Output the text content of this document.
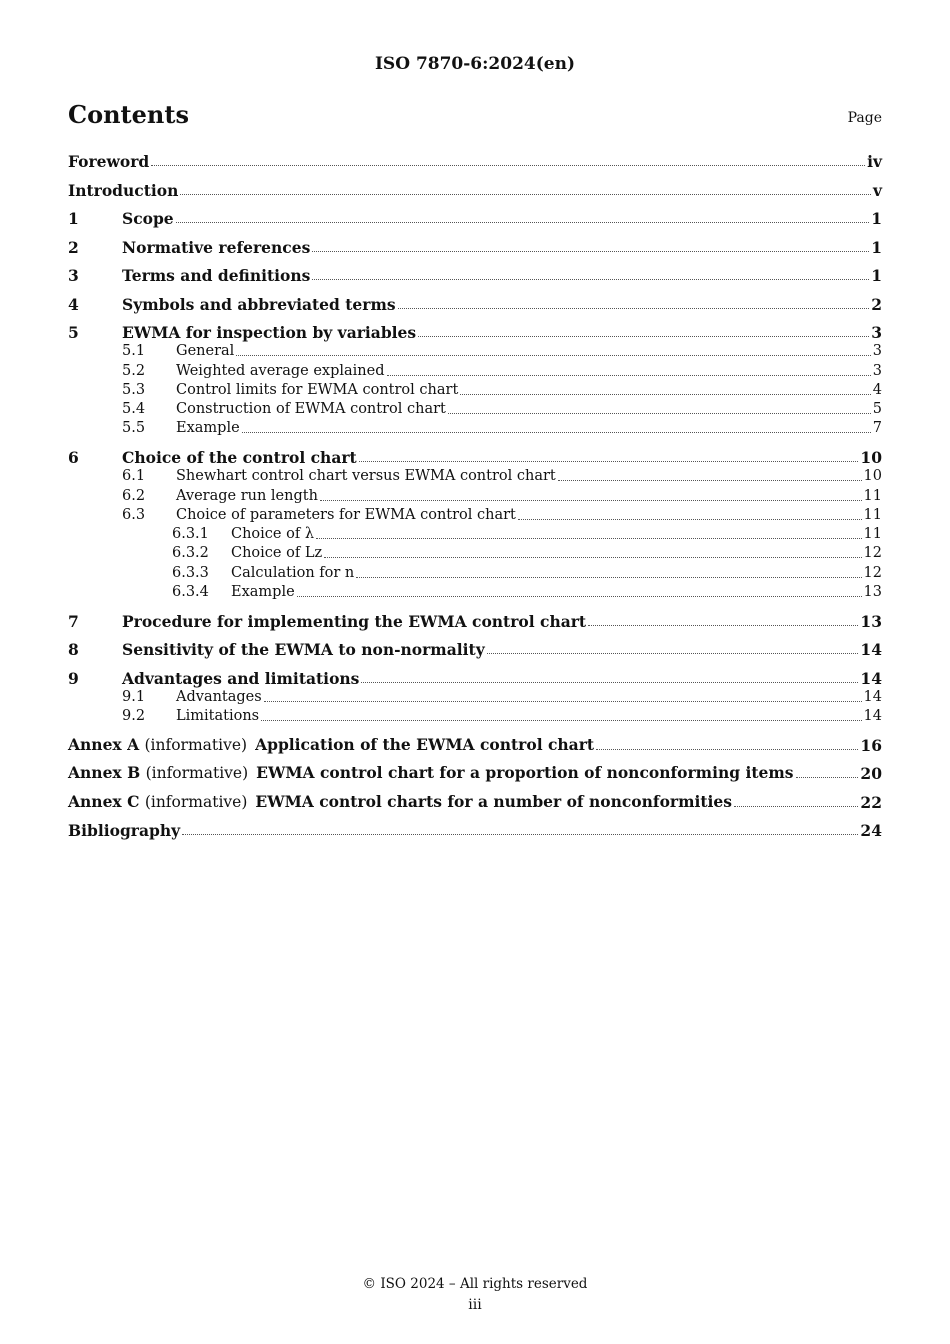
ISO 7870-6:2024(en)
Contents	Page
Foreword	iv
Introduction	v
1	Scope	1
2	Normative references	1
3	Terms and definitions	1
4	Symbols and abbreviated terms	2
5	EWMA for inspection by variables	3
5.1	General	3
5.2	Weighted average explained	3
5.3	Control limits for EWMA control chart	4
5.4	Construction of EWMA control chart	5
5.5	Example	7
6	Choice of the control chart	10
6.1	Shewhart control chart versus EWMA control chart	10
6.2	Average run length	11
6.3	Choice of parameters for EWMA control chart	11
6.3.1	Choice of λ	11
6.3.2	Choice of Lz	12
6.3.3	Calculation for n	12
6.3.4	Example	13
7	Procedure for implementing the EWMA control chart	13
8	Sensitivity of the EWMA to non-normality	14
9	Advantages and limitations	14
9.1	Advantages	14
9.2	Limitations	14
Annex A (informative) Application of the EWMA control chart	16
Annex B (informative) EWMA control chart for a proportion of nonconforming items	20
Annex C (informative) EWMA control charts for a number of nonconformities	22
Bibliography	24
© ISO 2024 – All rights reserved
iii
